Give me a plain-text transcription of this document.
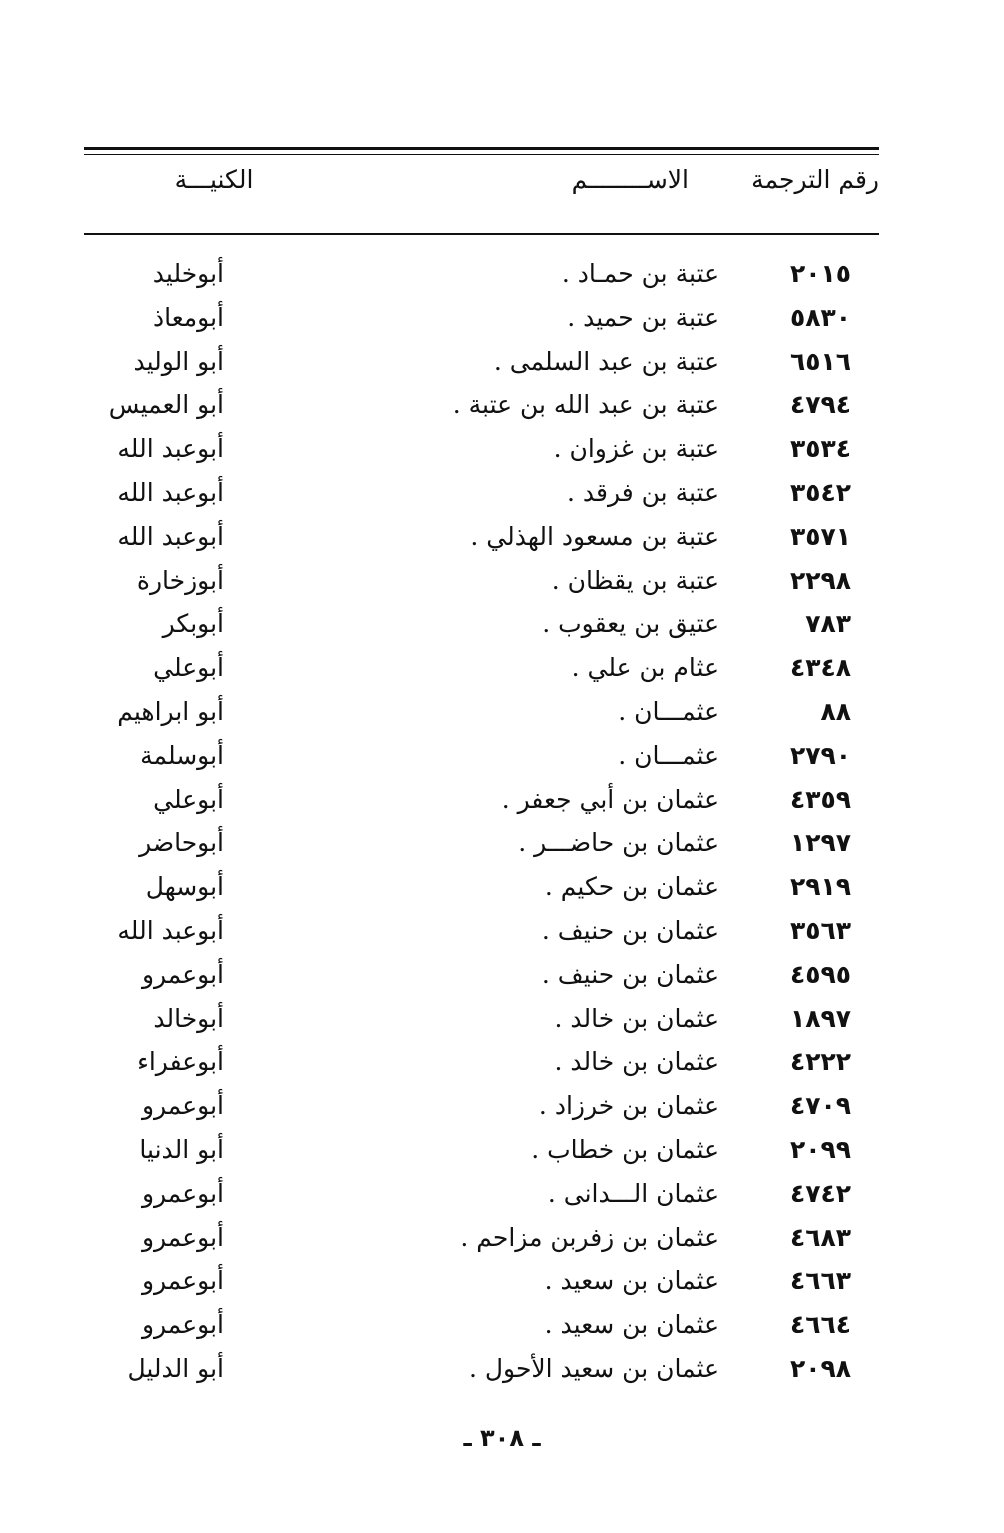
رقم الترجمة
الاســــــــم
الكنيـــة
٢٠١٥
عتبة بن حمـاد .
أبوخليد
٥٨٣٠
عتبة بن حميد .
أبومعاذ
٦٥١٦
عتبة بن عبد السلمى .
أبو الوليد
٤٧٩٤
عتبة بن عبد الله بن عتبة .
أبو العميس
٣٥٣٤
عتبة بن غزوان .
أبوعبد الله
٣٥٤٢
عتبة بن فرقد .
أبوعبد الله
٣٥٧١
عتبة بن مسعود الهذلي .
أبوعبد الله
٢٢٩٨
عتبة بن يقظان .
أبوزخارة
٧٨٣
عتيق بن يعقوب .
أبوبكر
٤٣٤٨
عثام بن علي .
أبوعلي
٨٨
عثمـــان .
أبو ابراهيم
٢٧٩٠
عثمـــان .
أبوسلمة
٤٣٥٩
عثمان بن أبي جعفر .
أبوعلي
١٢٩٧
عثمان بن حاضـــر .
أبوحاضر
٢٩١٩
عثمان بن حكيم .
أبوسهل
٣٥٦٣
عثمان بن حنيف .
أبوعبد الله
٤٥٩٥
عثمان بن حنيف .
أبوعمرو
١٨٩٧
عثمان بن خالد .
أبوخالد
٤٢٢٢
عثمان بن خالد .
أبوعفراء
٤٧٠٩
عثمان بن خرزاد .
أبوعمرو
٢٠٩٩
عثمان بن خطاب .
أبو الدنيا
٤٧٤٢
عثمان الـــدانى .
أبوعمرو
٤٦٨٣
عثمان بن زفربن مزاحم .
أبوعمرو
٤٦٦٣
عثمان بن سعيد .
أبوعمرو
٤٦٦٤
عثمان بن سعيد .
أبوعمرو
٢٠٩٨
عثمان بن سعيد الأحول .
أبو الدليل
ـ ٣٠٨ ـ
